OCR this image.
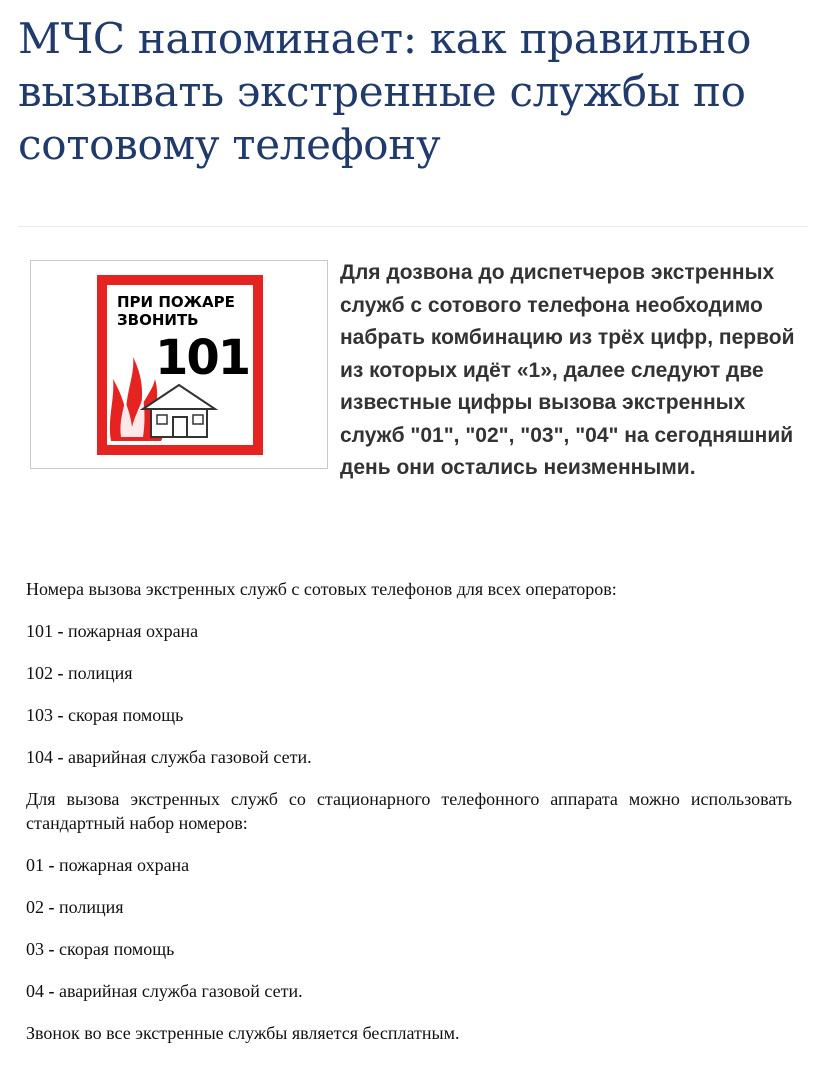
МЧС напоминает: как правильно вызывать экстренные службы по сотовому телефону
ПРИ ПОЖАРЕ
ЗВОНИТЬ
101

Для дозвона до диспетчеров экстренных служб с сотового телефона необходимо набрать комбинацию из трёх цифр, первой из которых идёт «1», далее следуют две известные цифры вызова экстренных служб "01", "02", "03", "04" на сегодняшний день они остались неизменными.

Номера вызова экстренных служб с сотовых телефонов для всех операторов:

101 - пожарная охрана

102 - полиция

103 - скорая помощь

104 - аварийная служба газовой сети.

Для вызова экстренных служб со стационарного телефонного аппарата можно использовать стандартный набор номеров:

01 - пожарная охрана

02 - полиция

03 - скорая помощь

04 - аварийная служба газовой сети.

Звонок во все экстренные службы является бесплатным.
